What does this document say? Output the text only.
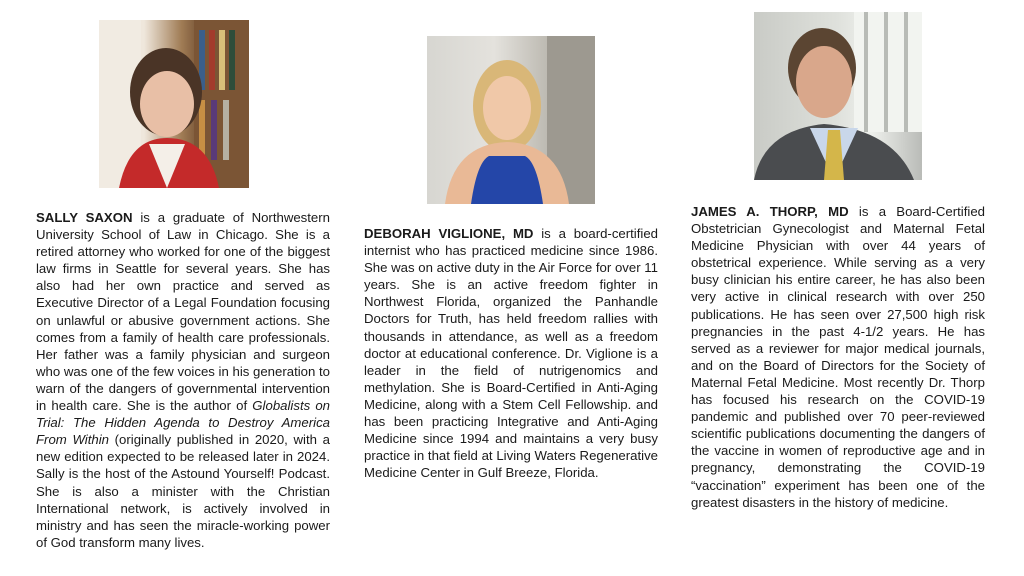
SALLY SAXON is a graduate of Northwestern University School of Law in Chicago. She is a retired attorney who worked for one of the biggest law firms in Seattle for several years. She has also had her own practice and served as Executive Director of a Legal Foundation focusing on unlawful or abusive government actions. She comes from a family of health care professionals. Her father was a family physician and surgeon who was one of the few voices in his generation to warn of the dangers of governmental intervention in health care. She is the author of Globalists on Trial: The Hidden Agenda to Destroy America From Within (originally published in 2020, with a new edition expected to be released later in 2024. Sally is the host of the Astound Yourself! Podcast. She is also a minister with the Christian International network, is actively involved in ministry and has seen the miracle-working power of God transform many lives.
DEBORAH VIGLIONE, MD is a board-certified internist who has practiced medicine since 1986. She was on active duty in the Air Force for over 11 years. She is an active freedom fighter in Northwest Florida, organized the Panhandle Doctors for Truth, has held freedom rallies with thousands in attendance, as well as a freedom doctor at educational conference. Dr. Viglione is a leader in the field of nutrigenomics and methylation. She is Board-Certified in Anti-Aging Medicine, along with a Stem Cell Fellowship. and has been practicing Integrative and Anti-Aging Medicine since 1994 and maintains a very busy practice in that field at Living Waters Regenerative Medicine Center in Gulf Breeze, Florida.
JAMES A. THORP, MD is a Board-Certified Obstetrician Gynecologist and Maternal Fetal Medicine Physician with over 44 years of obstetrical experience. While serving as a very busy clinician his entire career, he has also been very active in clinical research with over 250 publications. He has seen over 27,500 high risk pregnancies in the past 4-1/2 years. He has served as a reviewer for major medical journals, and on the Board of Directors for the Society of Maternal Fetal Medicine. Most recently Dr. Thorp has focused his research on the COVID-19 pandemic and published over 70 peer-reviewed scientific publications documenting the dangers of the vaccine in women of reproductive age and in pregnancy, demonstrating the COVID-19 “vaccination” experiment has been one of the greatest disasters in the history of medicine.
